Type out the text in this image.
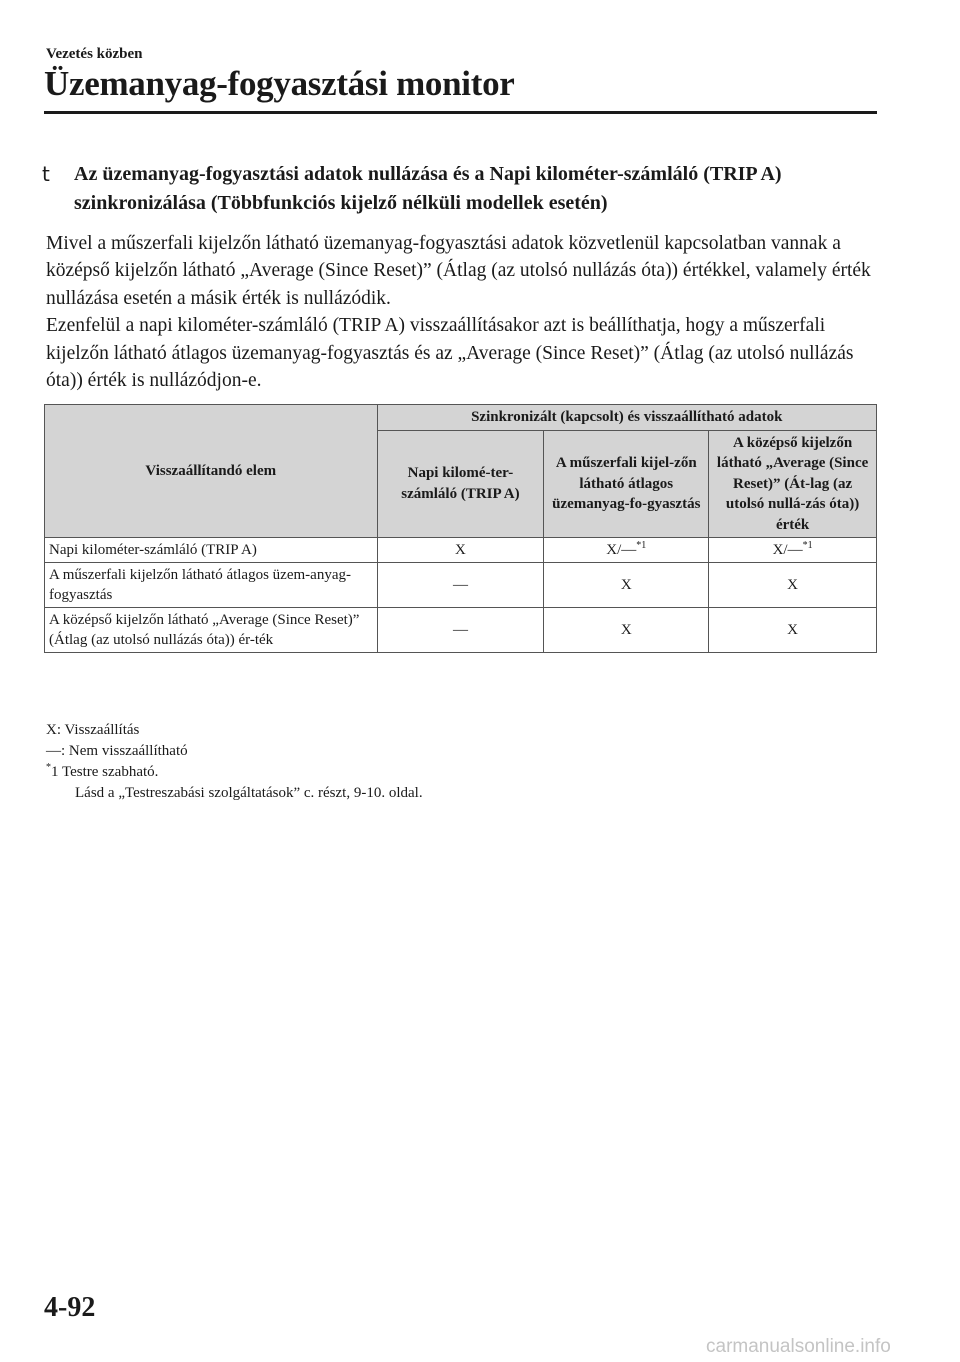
Vezetés közben
Üzemanyag-fogyasztási monitor
t	Az üzemanyag-fogyasztási adatok nullázása és a Napi kilométer-számláló (TRIP A) szinkronizálása (Többfunkciós kijelző nélküli modellek esetén)

Mivel a műszerfali kijelzőn látható üzemanyag-fogyasztási adatok közvetlenül kapcsolatban vannak a középső kijelzőn látható „Average (Since Reset)” (Átlag (az utolsó nullázás óta)) értékkel, valamely érték nullázása esetén a másik érték is nullázódik.

Ezenfelül a napi kilométer-számláló (TRIP A) visszaállításakor azt is beállíthatja, hogy a műszerfali kijelzőn látható átlagos üzemanyag-fogyasztás és az „Average (Since Reset)” (Átlag (az utolsó nullázás óta)) érték is nullázódjon-e.

Visszaállítandó elem	Szinkronizált (kapcsolt) és visszaállítható adatok		
	Napi kilomé-ter-számláló (TRIP A)	A műszerfali kijel-zőn látható átlagos üzemanyag-fo-gyasztás	A középső kijelzőn látható „Average (Since Reset)” (Át-lag (az utolsó nullá-zás óta)) érték
Napi kilométer-számláló (TRIP A)	X	X/—$^{*1}$	X/—$^{*1}$
A műszerfali kijelzőn látható átlagos üzem-anyag-fogyasztás	—	X	X
A középső kijelzőn látható „Average (Since Reset)” (Átlag (az utolsó nullázás óta)) ér-ték	—	X	X
X: Visszaállítás
—: Nem visszaállítható
*1 Testre szabható.
Lásd a „Testreszabási szolgáltatások” c. részt, 9-10. oldal.
4-92
carmanualsonline.info
